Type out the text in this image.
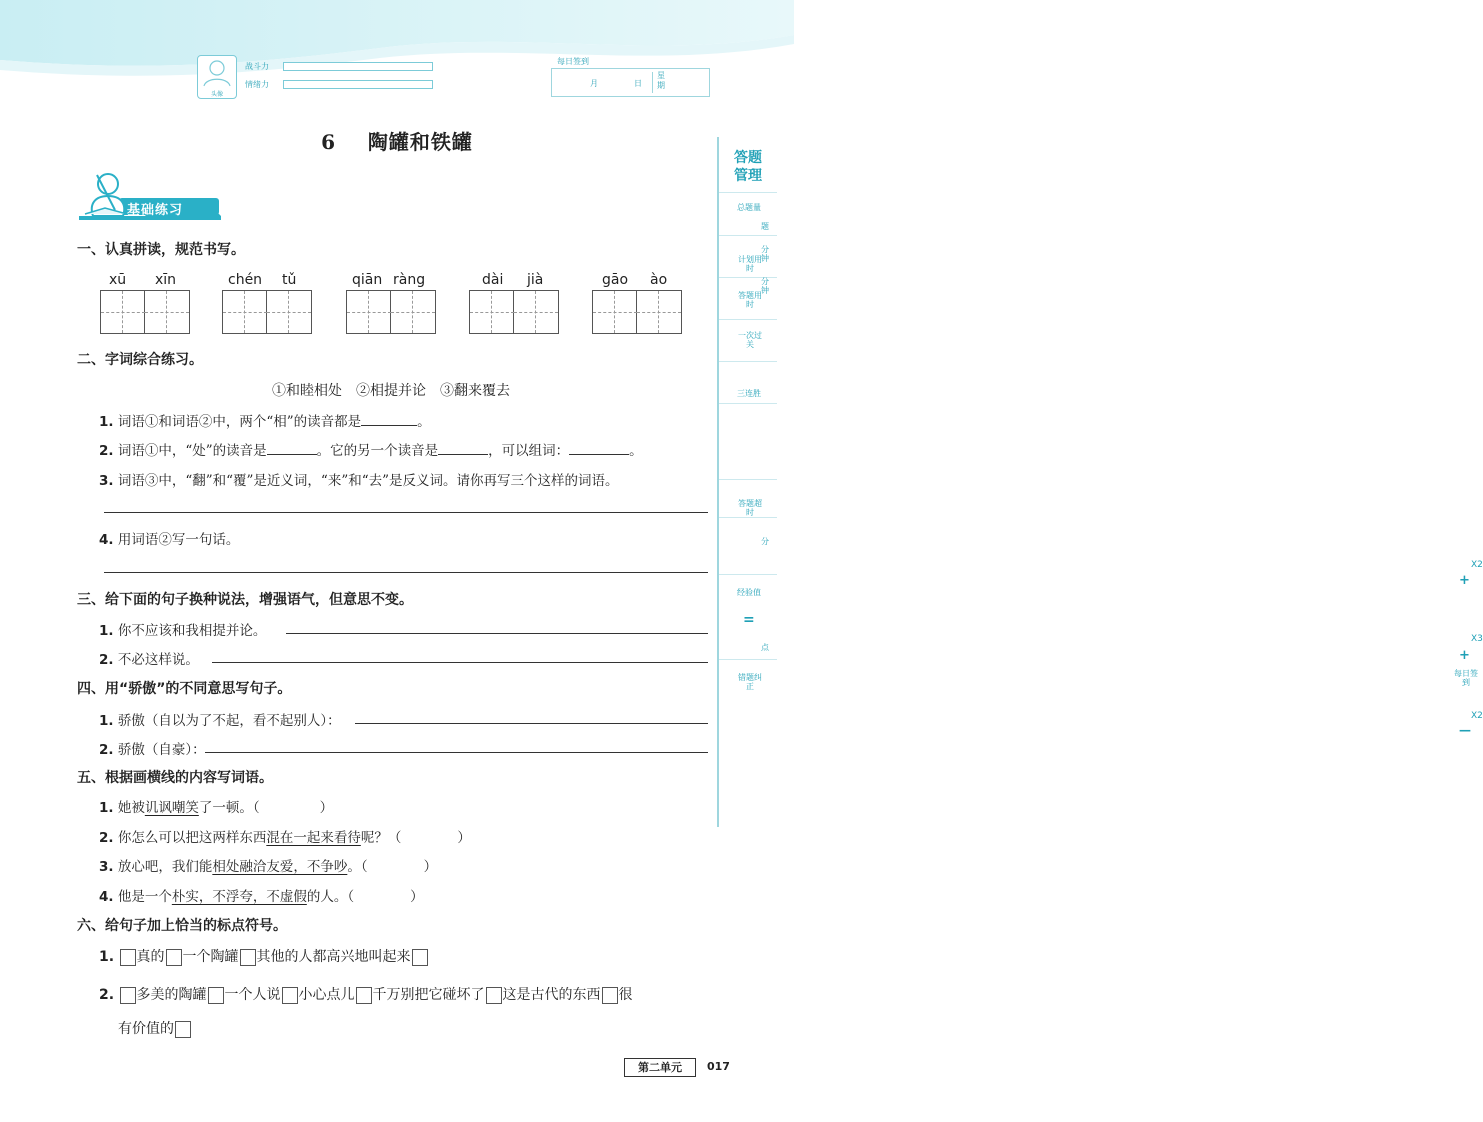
头像
战斗力
情绪力
每日签到
月	日
星期
6 陶罐和铁罐
基础练习
答题
管理
总题量
题
计划用时
分钟
答题用时
分钟
一次过关
X2
+
三连胜
X3
+
每日签到
X2
—
答题超时
分
经验值
=
点
错题纠正
一、认真拼读，规范书写。
xū xīn	chén tǔ	qiān ràng	dài jià	gāo ào
二、字词综合练习。
①和睦相处　②相提并论　③翻来覆去
1. 词语①和词语②中，两个“相”的读音都是	。
2. 词语①中，“处”的读音是	。它的另一个读音是	，可以组词：	。
3. 词语③中，“翻”和“覆”是近义词，“来”和“去”是反义词。请你再写三个这样的词语。
4. 用词语②写一句话。
三、给下面的句子换种说法，增强语气，但意思不变。
1. 你不应该和我相提并论。
2. 不必这样说。
四、用“骄傲”的不同意思写句子。
1. 骄傲（自以为了不起，看不起别人）：
2. 骄傲（自豪）：
五、根据画横线的内容写词语。
1. 她被讥讽嘲笑了一顿。（	）
2. 你怎么可以把这两样东西混在一起来看待呢？（	）
3. 放心吧，我们能相处融洽友爱，不争吵。（	）
4. 他是一个朴实，不浮夸，不虚假的人。（	）
六、给句子加上恰当的标点符号。
1. 真的 一个陶罐 其他的人都高兴地叫起来
2. 多美的陶罐 一个人说 小心点儿 千万别把它碰坏了 这是古代的东西 很
有价值的
第二单元	017
